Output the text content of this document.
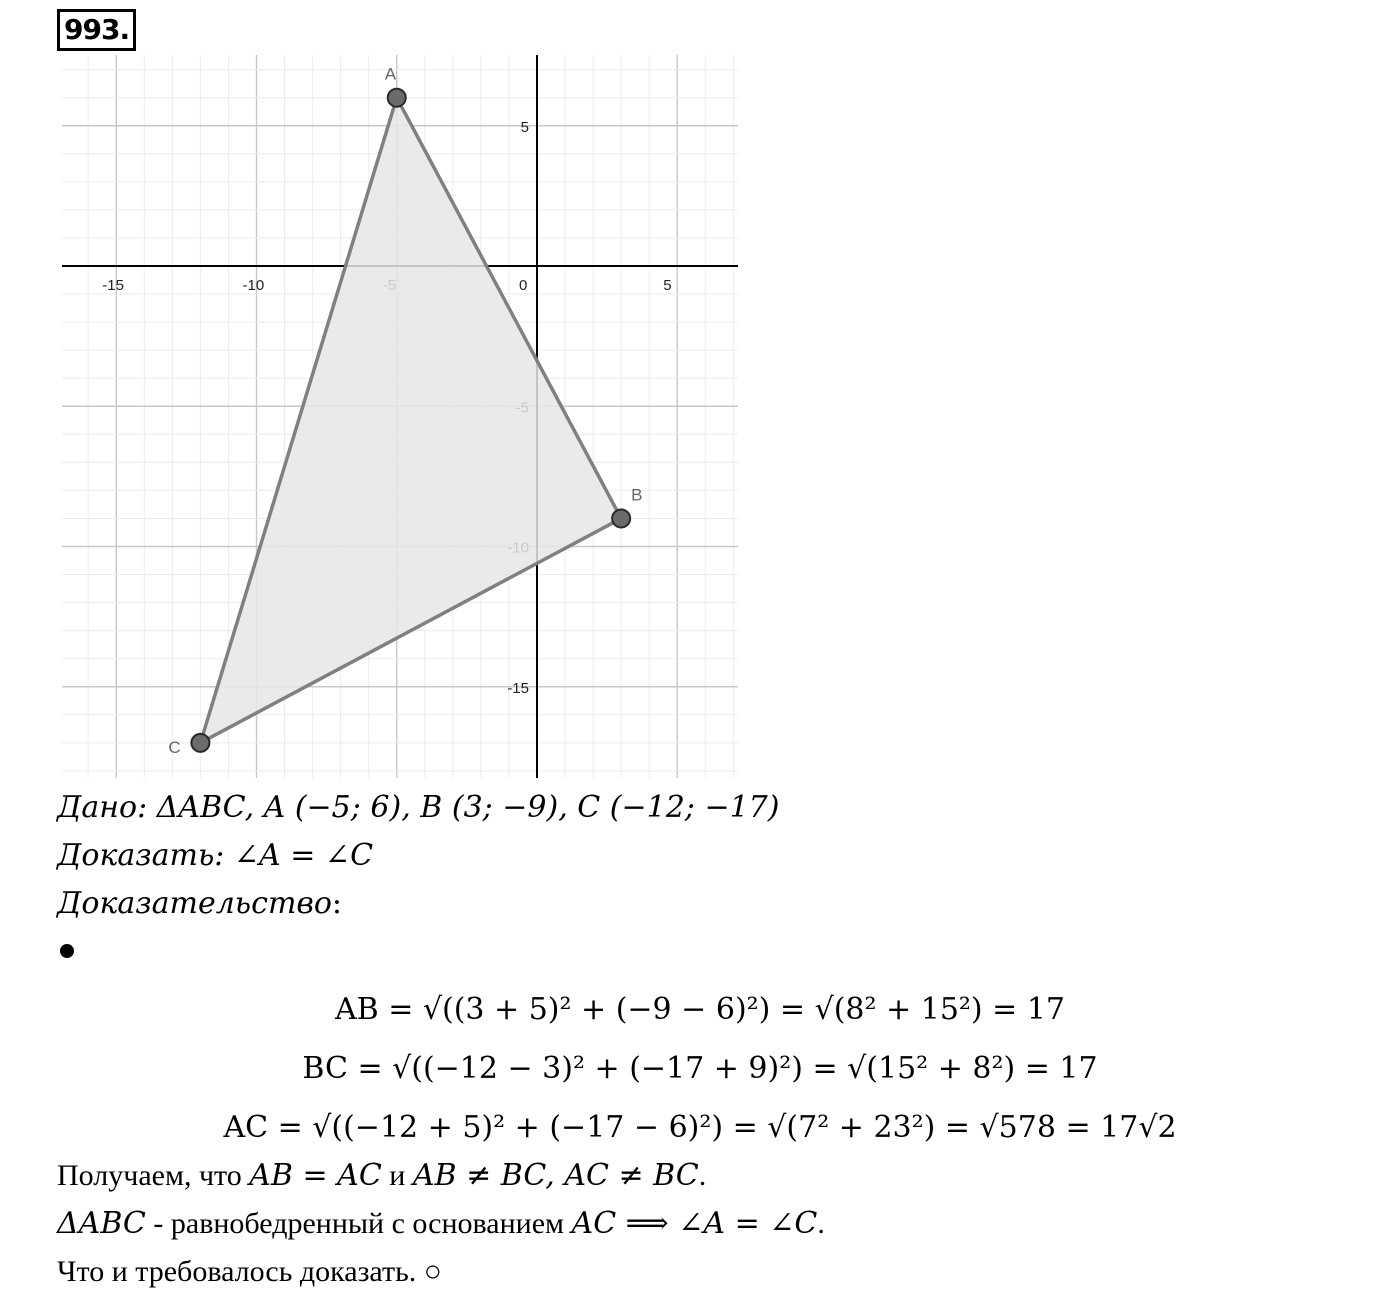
993.
-15	-10	0	5
5
-15
A
B
C
Дано: ΔABC, A (−5; 6), B (3; −9), C (−12; −17)
Доказать: ∠A = ∠C
Доказательство:
AB = √((3 + 5)² + (−9 − 6)²) = √(8² + 15²) = 17
BC = √((−12 − 3)² + (−17 + 9)²) = √(15² + 8²) = 17
AC = √((−12 + 5)² + (−17 − 6)²) = √(7² + 23²) = √578 = 17√2
Получаем, что AB = AC и AB ≠ BC, AC ≠ BC.
ΔABC - равнобедренный с основанием AC ⟹ ∠A = ∠C.
Что и требовалось доказать. ○
